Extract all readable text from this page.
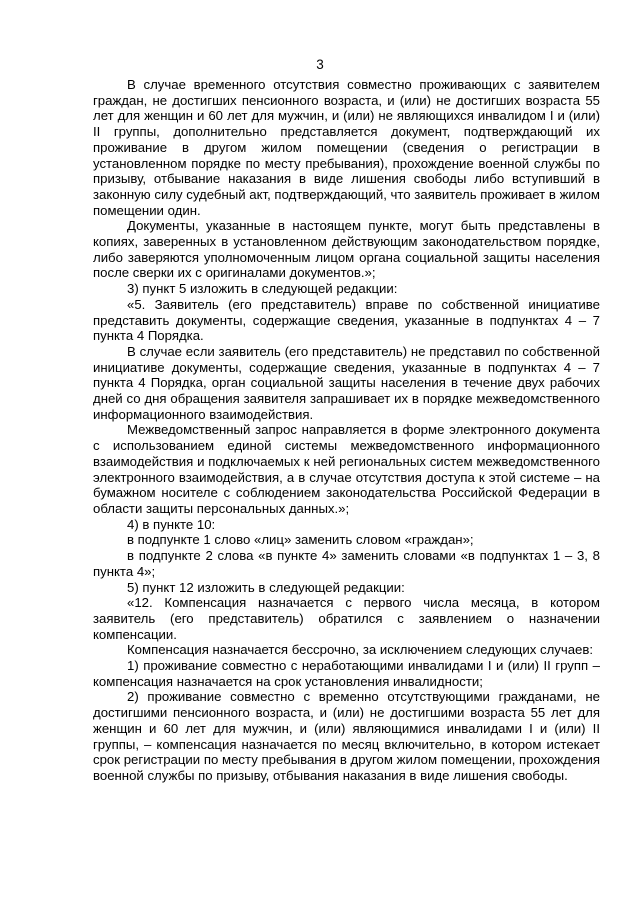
3

В случае временного отсутствия совместно проживающих с заявителем граждан, не достигших пенсионного возраста, и (или) не достигших возраста 55 лет для женщин и 60 лет для мужчин, и (или) не являющихся инвалидом I и (или) II группы, дополнительно представляется документ, подтверждающий их проживание в другом жилом помещении (сведения о регистрации в установленном порядке по месту пребывания), прохождение военной службы по призыву, отбывание наказания в виде лишения свободы либо вступивший в законную силу судебный акт, подтверждающий, что заявитель проживает в жилом помещении один.

Документы, указанные в настоящем пункте, могут быть представлены в копиях, заверенных в установленном действующим законодательством порядке, либо заверяются уполномоченным лицом органа социальной защиты населения после сверки их с оригиналами документов.»;

3) пункт 5 изложить в следующей редакции:

«5. Заявитель (его представитель) вправе по собственной инициативе представить документы, содержащие сведения, указанные в подпунктах 4 – 7 пункта 4 Порядка.

В случае если заявитель (его представитель) не представил по собственной инициативе документы, содержащие сведения, указанные в подпунктах 4 – 7 пункта 4 Порядка, орган социальной защиты населения в течение двух рабочих дней со дня обращения заявителя запрашивает их в порядке межведомственного информационного взаимодействия.

Межведомственный запрос направляется в форме электронного документа с использованием единой системы межведомственного информационного взаимодействия и подключаемых к ней региональных систем межведомственного электронного взаимодействия, а в случае отсутствия доступа к этой системе – на бумажном носителе с соблюдением законодательства Российской Федерации в области защиты персональных данных.»;

4) в пункте 10:

в подпункте 1 слово «лиц» заменить словом «граждан»;

в подпункте 2 слова «в пункте 4» заменить словами «в подпунктах 1 – 3, 8 пункта 4»;

5) пункт 12 изложить в следующей редакции:

«12. Компенсация назначается с первого числа месяца, в котором заявитель (его представитель) обратился с заявлением о назначении компенсации.

Компенсация назначается бессрочно, за исключением следующих случаев:

1) проживание совместно с неработающими инвалидами I и (или) II групп – компенсация назначается на срок установления инвалидности;

2) проживание совместно с временно отсутствующими гражданами, не достигшими пенсионного возраста, и (или) не достигшими возраста 55 лет для женщин и 60 лет для мужчин, и (или) являющимися инвалидами I и (или) II группы, – компенсация назначается по месяц включительно, в котором истекает срок регистрации по месту пребывания в другом жилом помещении, прохождения военной службы по призыву, отбывания наказания в виде лишения свободы.
